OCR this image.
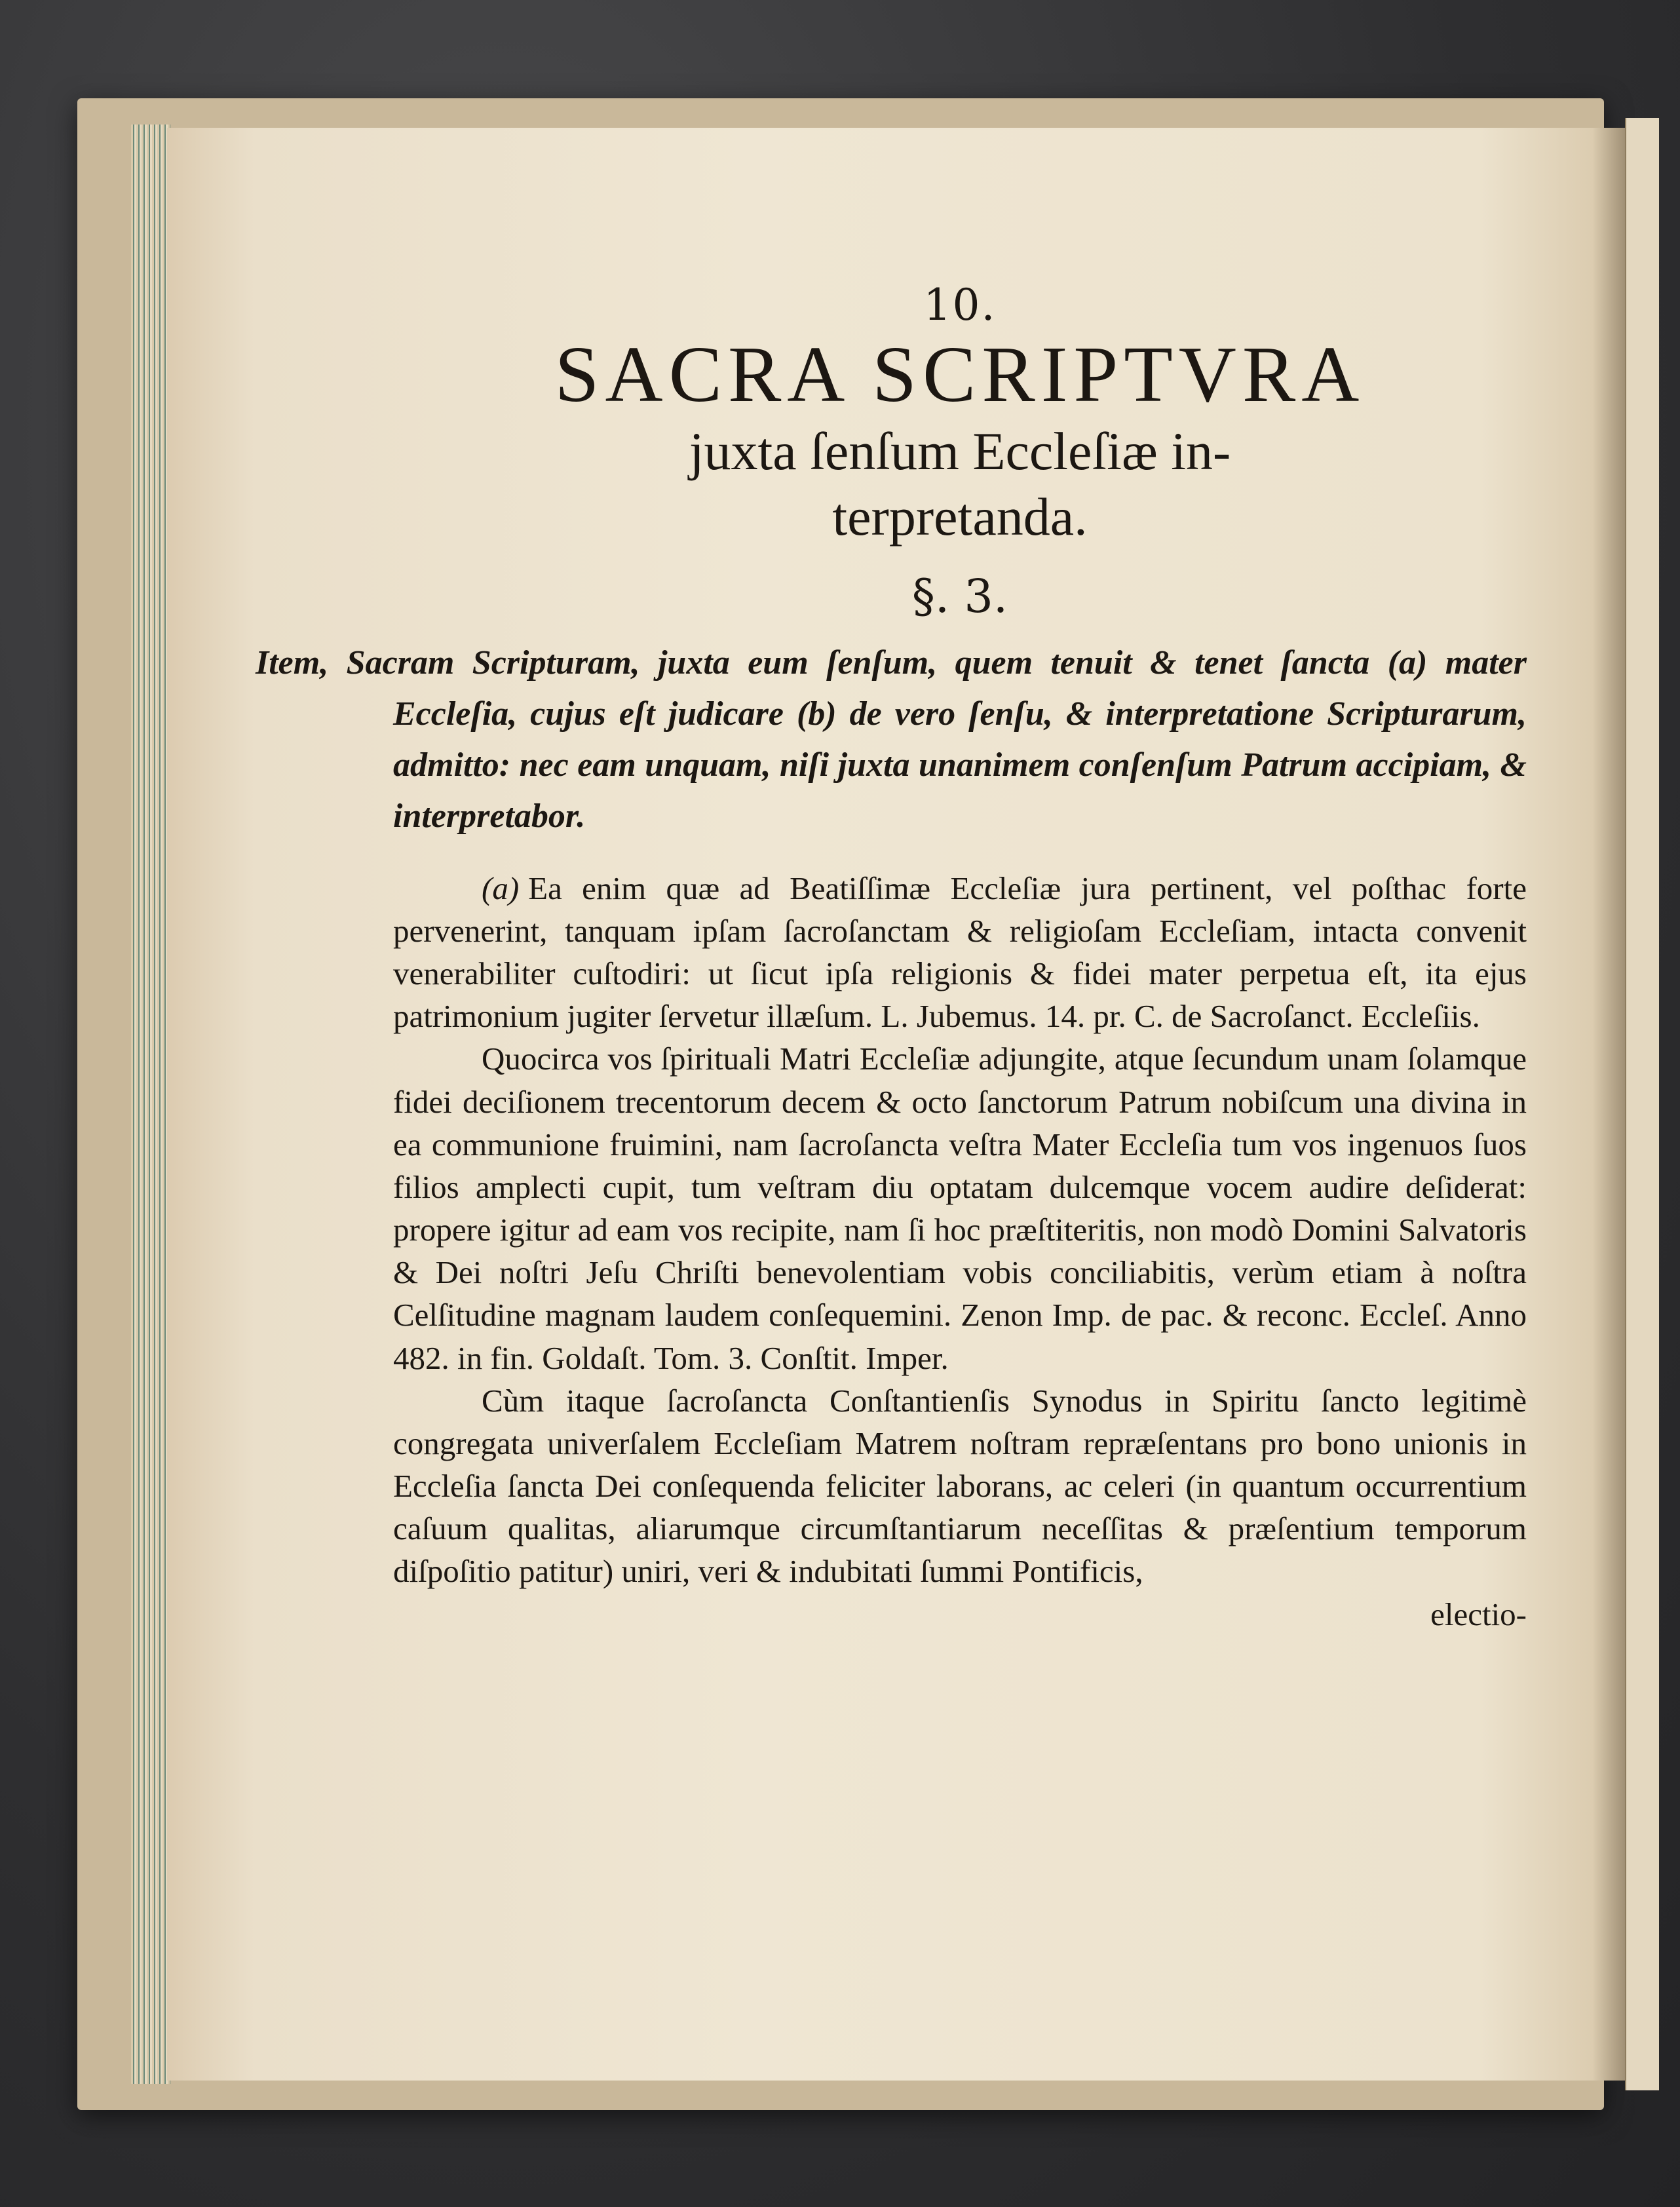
10.
SACRA SCRIPTVRA
juxta ſenſum Eccleſiæ in-
terpretanda.
§. 3.
Item, Sacram Scripturam, juxta eum ſenſum, quem tenuit & tenet ſancta (a) mater Eccleſia, cujus eſt judicare (b) de vero ſenſu, & interpretatione Scripturarum, admitto: nec eam unquam, niſi juxta unanimem conſenſum Patrum accipiam, & interpretabor.

(a) Ea enim quæ ad Beatiſſimæ Eccleſiæ jura pertinent, vel poſthac forte pervenerint, tanquam ipſam ſacroſanctam & religioſam Eccleſiam, intacta convenit venerabiliter cuſtodiri: ut ſicut ipſa religionis & fidei mater perpetua eſt, ita ejus patrimonium jugiter ſervetur illæſum. L. Jubemus. 14. pr. C. de Sacroſanct. Eccleſiis.

Quocirca vos ſpirituali Matri Eccleſiæ adjungite, atque ſecundum unam ſolamque fidei deciſionem trecentorum decem & octo ſanctorum Patrum nobiſcum una divina in ea communione fruimini, nam ſacroſancta veſtra Mater Eccleſia tum vos ingenuos ſuos filios amplecti cupit, tum veſtram diu optatam dulcemque vocem audire deſiderat: propere igitur ad eam vos recipite, nam ſi hoc præſtiteritis, non modò Domini Salvatoris & Dei noſtri Jeſu Chriſti benevolentiam vobis conciliabitis, verùm etiam à noſtra Celſitudine magnam laudem conſequemini. Zenon Imp. de pac. & reconc. Eccleſ. Anno 482. in fin. Goldaſt. Tom. 3. Conſtit. Imper.

Cùm itaque ſacroſancta Conſtantienſis Synodus in Spiritu ſancto legitimè congregata univerſalem Eccleſiam Matrem noſtram repræſentans pro bono unionis in Eccleſia ſancta Dei conſequenda feliciter laborans, ac celeri (in quantum occurrentium caſuum qualitas, aliarumque circumſtantiarum neceſſitas & præſentium temporum diſpoſitio patitur) uniri, veri & indubitati ſummi Pontificis,

electio-
